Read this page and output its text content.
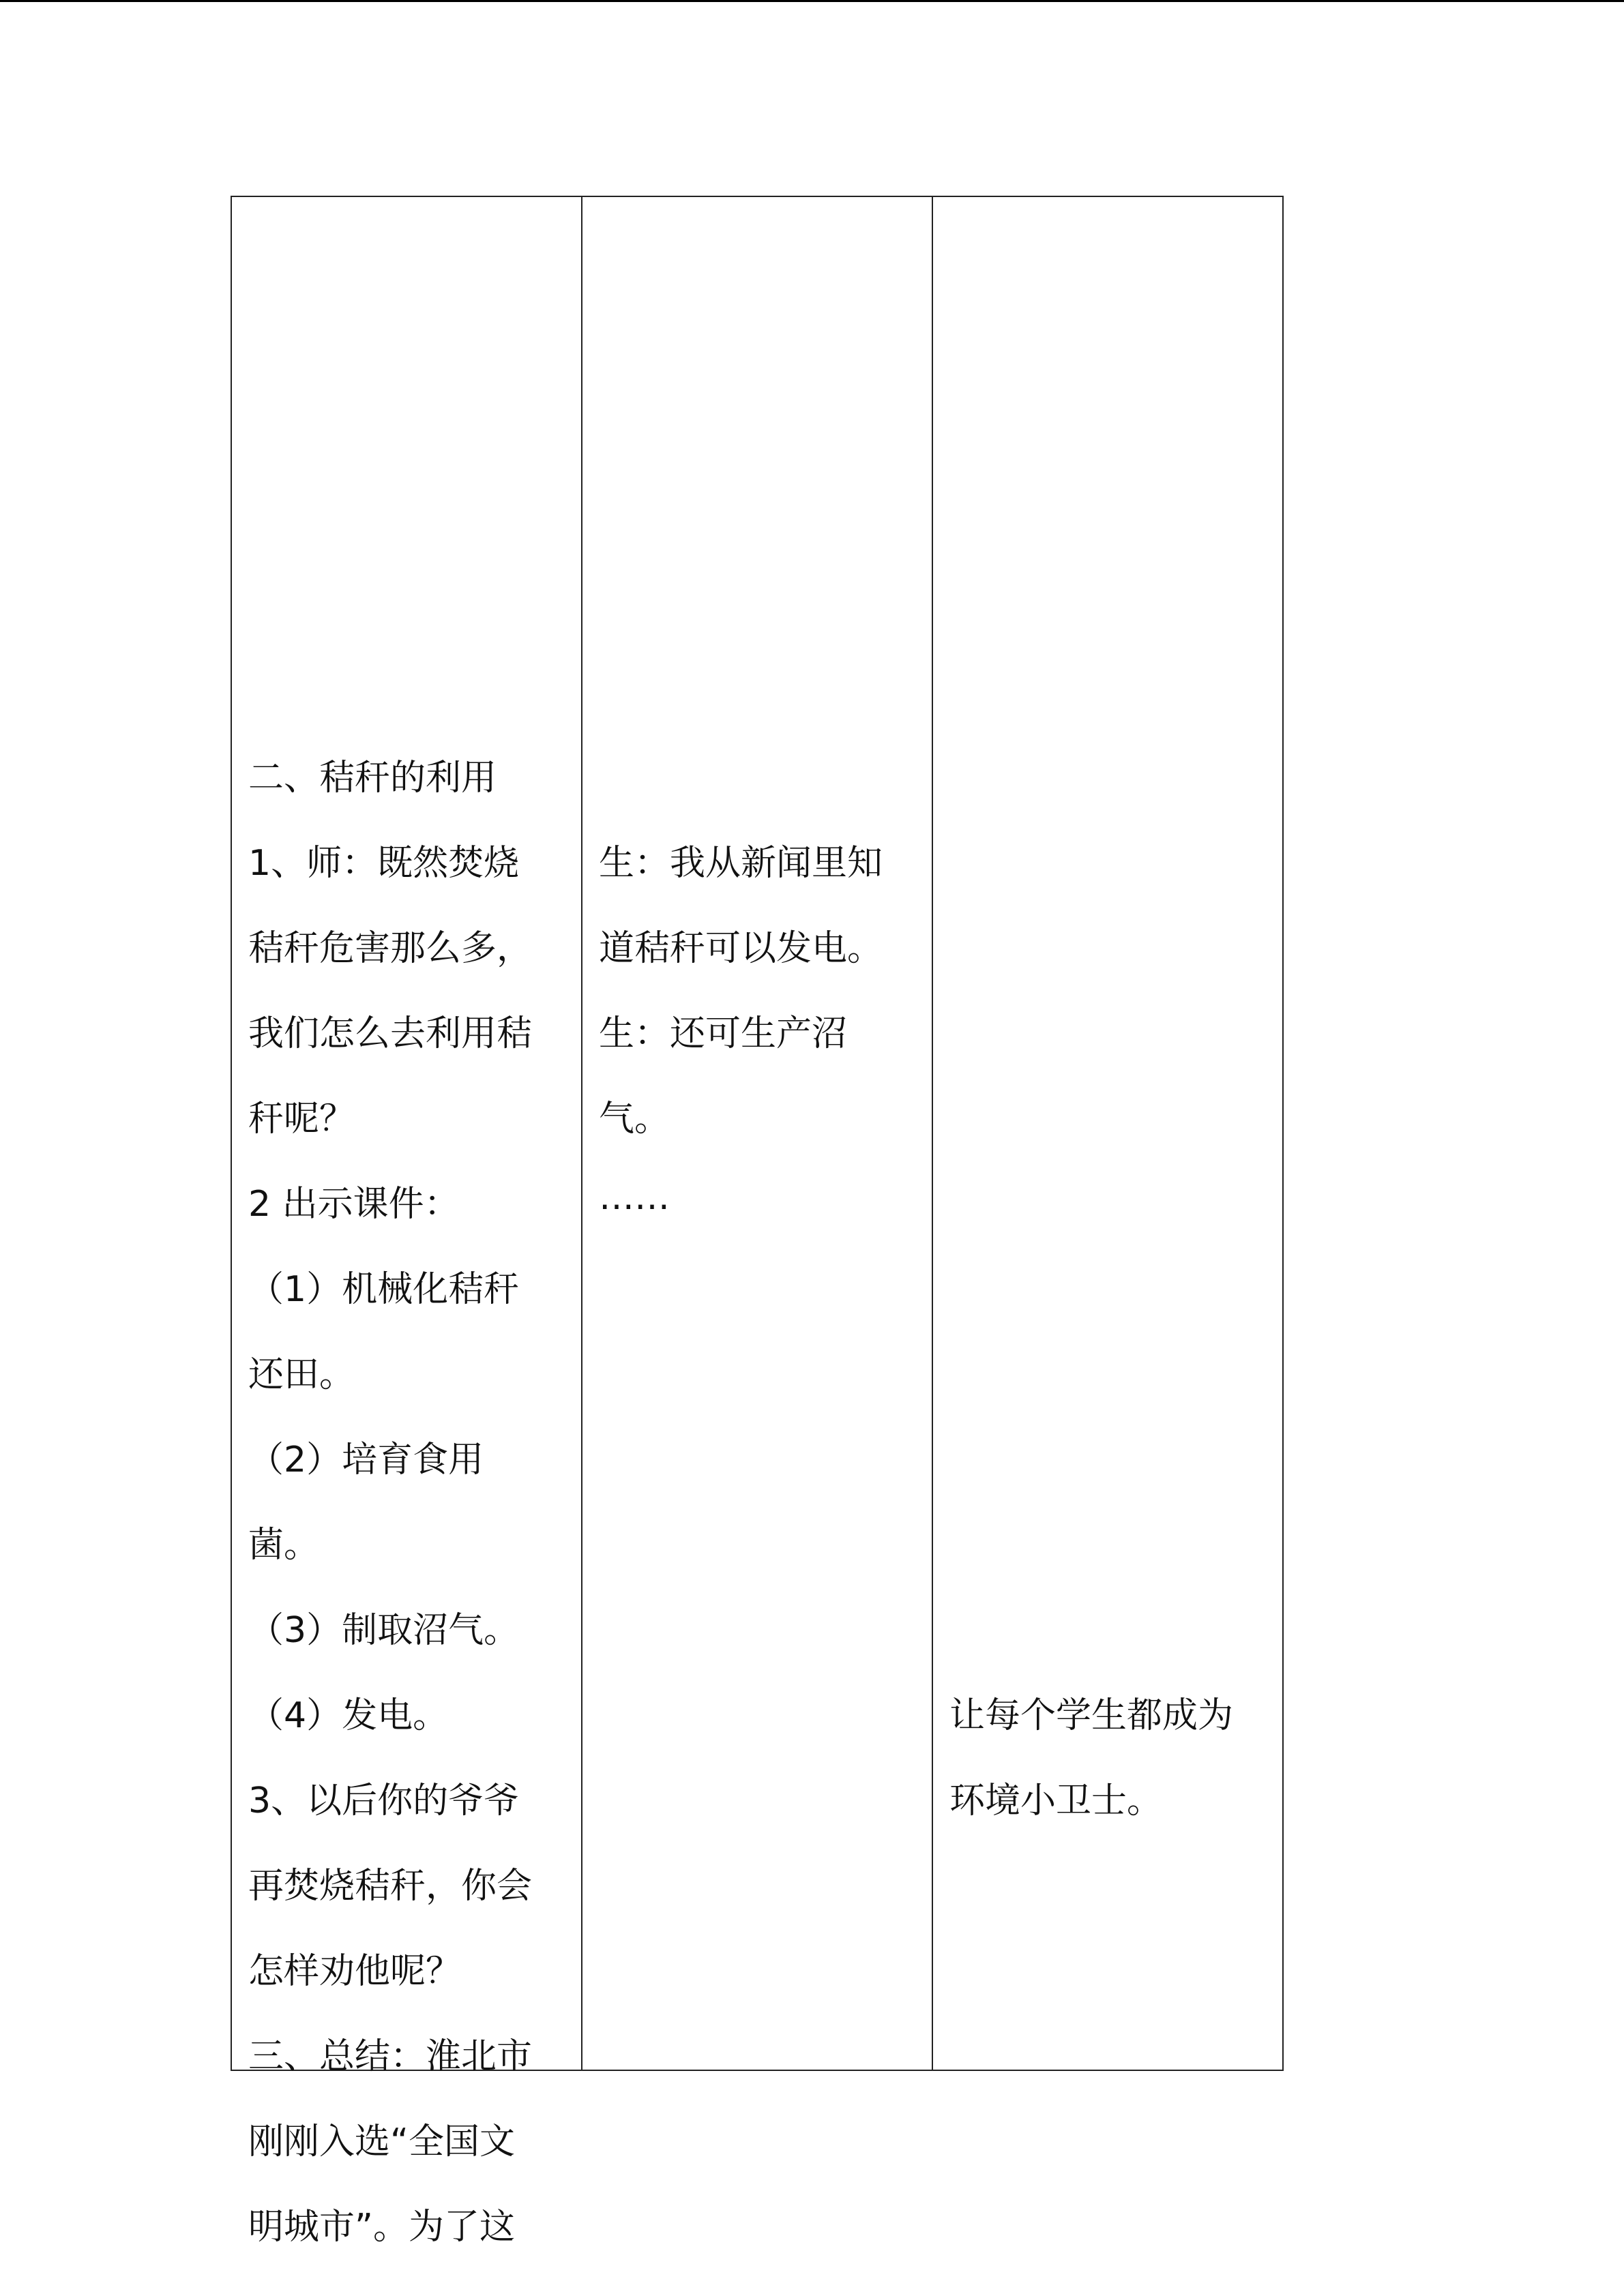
二、秸秆的利用
1、师：既然焚烧
秸秆危害那么多，
我们怎么去利用秸
秆呢？
2 出示课件：
（1）机械化秸秆
还田。
（2）培育食用
菌。
（3）制取沼气。
（4）发电。
3、以后你的爷爷
再焚烧秸秆，你会
怎样劝他呢？
三、总结：淮北市
刚刚入选“全国文
明城市”。为了这

生：我从新闻里知
道秸秆可以发电。
生：还可生产沼
气。
……

让每个学生都成为
环境小卫士。
